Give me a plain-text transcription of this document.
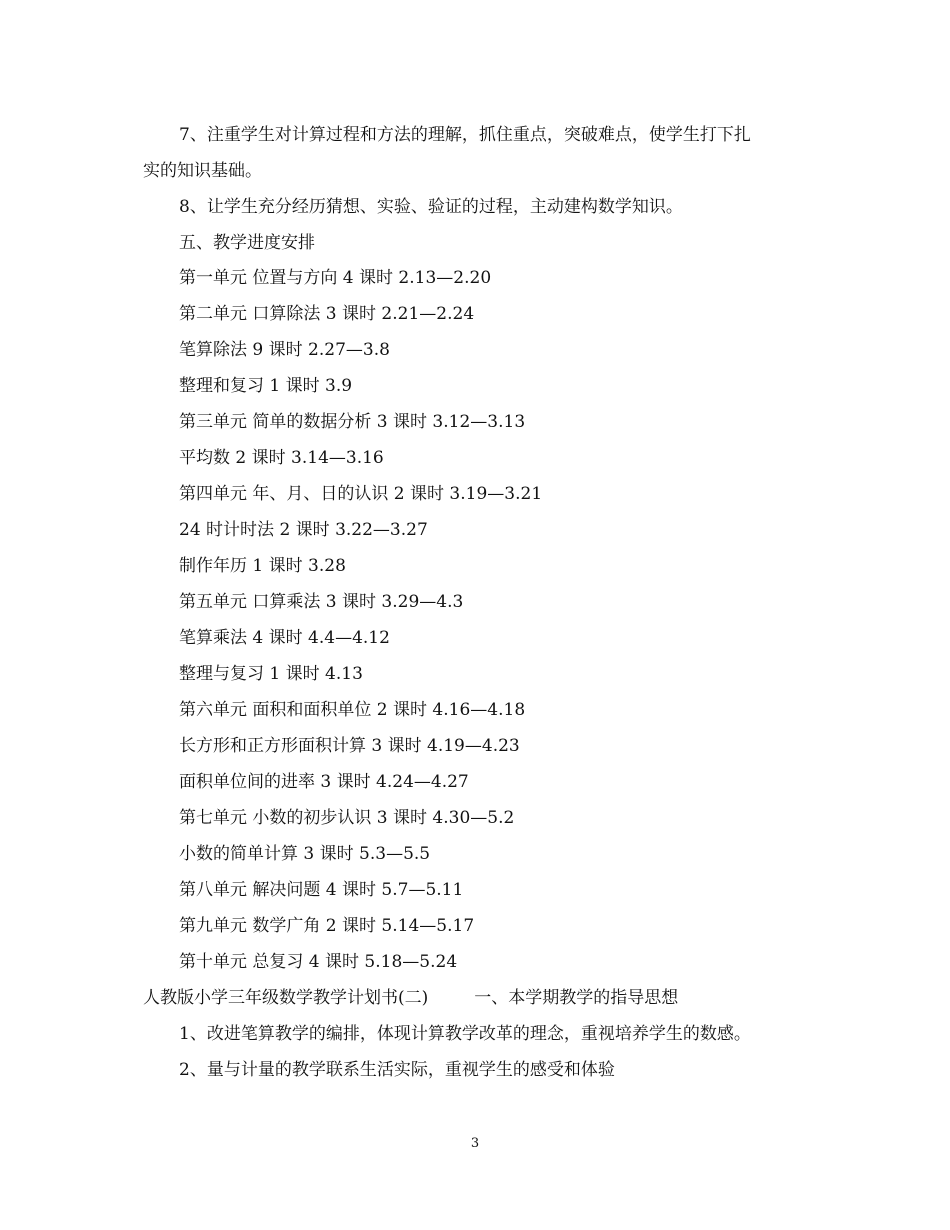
7、注重学生对计算过程和方法的理解，抓住重点，突破难点，使学生打下扎
实的知识基础。
8、让学生充分经历猜想、实验、验证的过程，主动建构数学知识。
五、教学进度安排
第一单元 位置与方向 4 课时 2.13—2.20
第二单元 口算除法 3 课时 2.21—2.24
笔算除法 9 课时 2.27—3.8
整理和复习 1 课时 3.9
第三单元 简单的数据分析 3 课时 3.12—3.13
平均数 2 课时 3.14—3.16
第四单元 年、月、日的认识 2 课时 3.19—3.21
24 时计时法 2 课时 3.22—3.27
制作年历 1 课时 3.28
第五单元 口算乘法 3 课时 3.29—4.3
笔算乘法 4 课时 4.4—4.12
整理与复习 1 课时 4.13
第六单元 面积和面积单位 2 课时 4.16—4.18
长方形和正方形面积计算 3 课时 4.19—4.23
面积单位间的进率 3 课时 4.24—4.27
第七单元 小数的初步认识 3 课时 4.30—5.2
小数的简单计算 3 课时 5.3—5.5
第八单元 解决问题 4 课时 5.7—5.11
第九单元 数学广角 2 课时 5.14—5.17
第十单元 总复习 4 课时 5.18—5.24
人教版小学三年级数学教学计划书(二)	一、本学期教学的指导思想
1、改进笔算教学的编排，体现计算教学改革的理念，重视培养学生的数感。
2、量与计量的教学联系生活实际，重视学生的感受和体验
3
